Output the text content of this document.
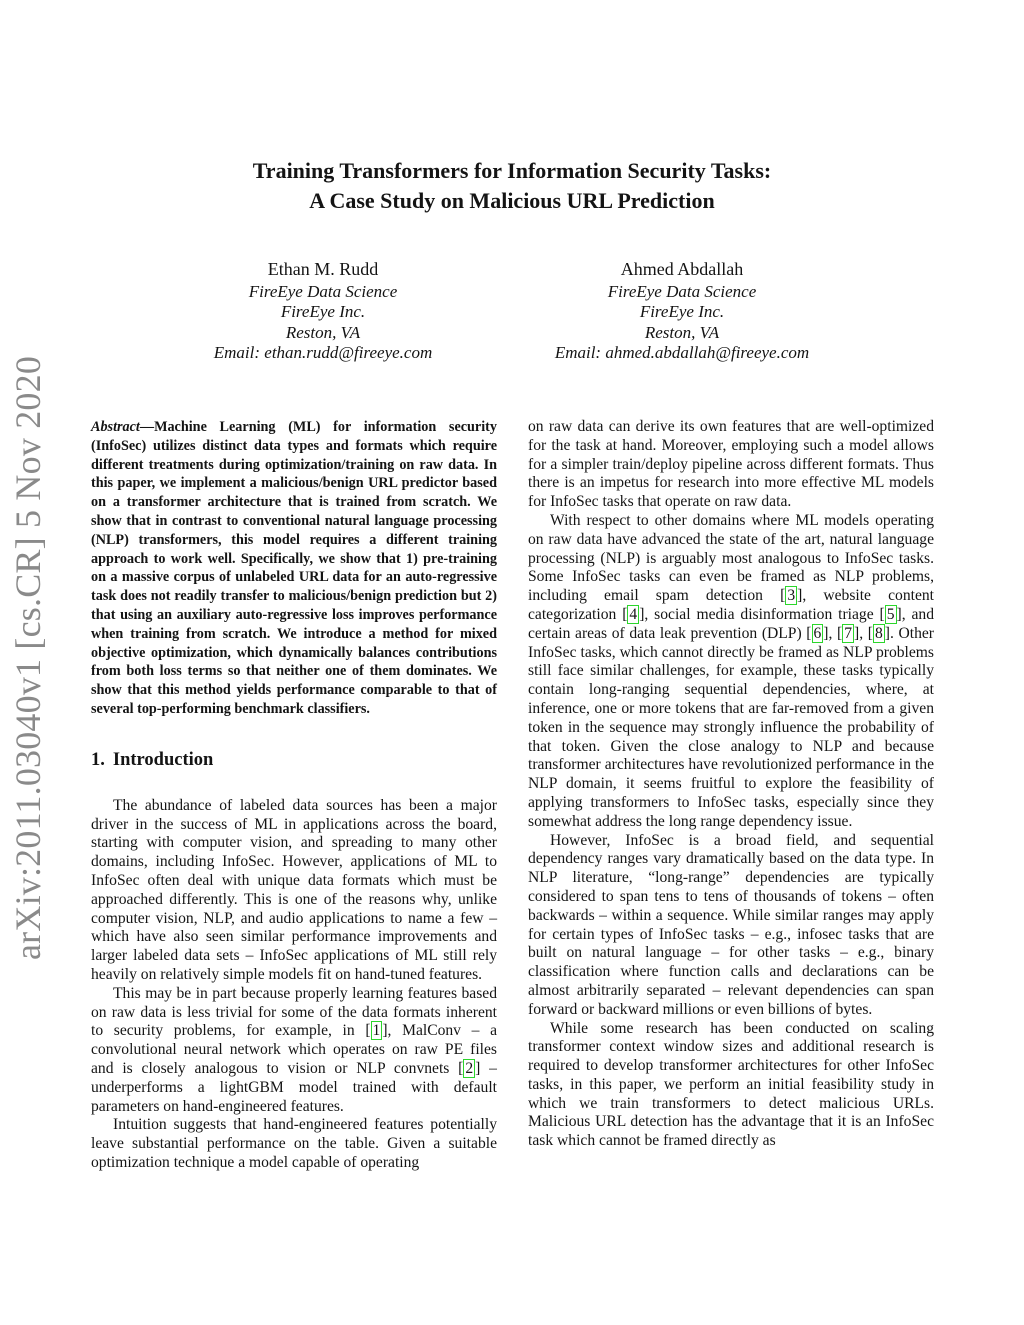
arXiv:2011.03040v1 [cs.CR] 5 Nov 2020
Training Transformers for Information Security Tasks:
A Case Study on Malicious URL Prediction
Ethan M. Rudd
FireEye Data Science
FireEye Inc.
Reston, VA
Email: ethan.rudd@fireeye.com
Ahmed Abdallah
FireEye Data Science
FireEye Inc.
Reston, VA
Email: ahmed.abdallah@fireeye.com
Abstract—Machine Learning (ML) for information security (InfoSec) utilizes distinct data types and formats which require different treatments during optimization/training on raw data. In this paper, we implement a malicious/benign URL predictor based on a transformer architecture that is trained from scratch. We show that in contrast to conventional natural language processing (NLP) transformers, this model requires a different training approach to work well. Specifically, we show that 1) pre-training on a massive corpus of unlabeled URL data for an auto-regressive task does not readily transfer to malicious/benign prediction but 2) that using an auxiliary auto-regressive loss improves performance when training from scratch. We introduce a method for mixed objective optimization, which dynamically balances contributions from both loss terms so that neither one of them dominates. We show that this method yields performance comparable to that of several top-performing benchmark classifiers.
1. Introduction

The abundance of labeled data sources has been a major driver in the success of ML in applications across the board, starting with computer vision, and spreading to many other domains, including InfoSec. However, applications of ML to InfoSec often deal with unique data formats which must be approached differently. This is one of the reasons why, unlike computer vision, NLP, and audio applications to name a few – which have also seen similar performance improvements and larger labeled data sets – InfoSec applications of ML still rely heavily on relatively simple models fit on hand-tuned features.

This may be in part because properly learning features based on raw data is less trivial for some of the data formats inherent to security problems, for example, in [ 1 ], MalConv – a convolutional neural network which operates on raw PE files and is closely analogous to vision or NLP convnets [ 2 ] – underperforms a lightGBM model trained with default parameters on hand-engineered features.

Intuition suggests that hand-engineered features potentially leave substantial performance on the table. Given a suitable optimization technique a model capable of operating

on raw data can derive its own features that are well-optimized for the task at hand. Moreover, employing such a model allows for a simpler train/deploy pipeline across different formats. Thus there is an impetus for research into more effective ML models for InfoSec tasks that operate on raw data.

With respect to other domains where ML models operating on raw data have advanced the state of the art, natural language processing (NLP) is arguably most analogous to InfoSec tasks. Some InfoSec tasks can even be framed as NLP problems, including email spam detection [ 3 ], website content categorization [ 4 ], social media disinformation triage [ 5 ], and certain areas of data leak prevention (DLP) [ 6 ], [ 7 ], [ 8 ]. Other InfoSec tasks, which cannot directly be framed as NLP problems still face similar challenges, for example, these tasks typically contain long-ranging sequential dependencies, where, at inference, one or more tokens that are far-removed from a given token in the sequence may strongly influence the probability of that token. Given the close analogy to NLP and because transformer architectures have revolutionized performance in the NLP domain, it seems fruitful to explore the feasibility of applying transformers to InfoSec tasks, especially since they somewhat address the long range dependency issue.

However, InfoSec is a broad field, and sequential dependency ranges vary dramatically based on the data type. In NLP literature, “long-range” dependencies are typically considered to span tens to tens of thousands of tokens – often backwards – within a sequence. While similar ranges may apply for certain types of InfoSec tasks – e.g., infosec tasks that are built on natural language – for other tasks – e.g., binary classification where function calls and declarations can be almost arbitrarily separated – relevant dependencies can span forward or backward millions or even billions of bytes.

While some research has been conducted on scaling transformer context window sizes and additional research is required to develop transformer architectures for other InfoSec tasks, in this paper, we perform an initial feasibility study in which we train transformers to detect malicious URLs. Malicious URL detection has the advantage that it is an InfoSec task which cannot be framed directly as
